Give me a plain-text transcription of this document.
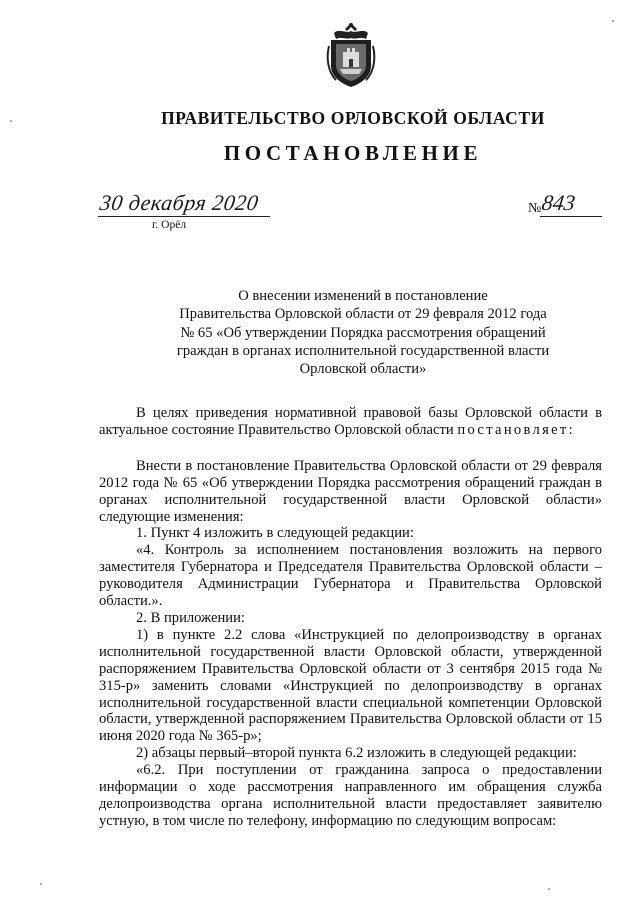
ПРАВИТЕЛЬСТВО ОРЛОВСКОЙ ОБЛАСТИ
ПОСТАНОВЛЕНИЕ
30 декабря 2020
г. Орёл
№
843
О внесении изменений в постановление
Правительства Орловской области от 29 февраля 2012 года
№ 65 «Об утверждении Порядка рассмотрения обращений
граждан в органах исполнительной государственной власти
Орловской области»

В целях приведения нормативной правовой базы Орловской области в актуальное состояние Правительство Орловской области постановляет:

Внести в постановление Правительства Орловской области от 29 февраля 2012 года № 65 «Об утверждении Порядка рассмотрения обращений граждан в органах исполнительной государственной власти Орловской области» следующие изменения:

1. Пункт 4 изложить в следующей редакции:

«4. Контроль за исполнением постановления возложить на первого заместителя Губернатора и Председателя Правительства Орловской области – руководителя Администрации Губернатора и Правительства Орловской области.».

2. В приложении:

1) в пункте 2.2 слова «Инструкцией по делопроизводству в органах исполнительной государственной власти Орловской области, утвержденной распоряжением Правительства Орловской области от 3 сентября 2015 года № 315-р» заменить словами «Инструкцией по делопроизводству в органах исполнительной государственной власти специальной компетенции Орловской области, утвержденной распоряжением Правительства Орловской области от 15 июня 2020 года № 365-р»;

2) абзацы первый–второй пункта 6.2 изложить в следующей редакции:

«6.2. При поступлении от гражданина запроса о предоставлении информации о ходе рассмотрения направленного им обращения служба делопроизводства органа исполнительной власти предоставляет заявителю устную, в том числе по телефону, информацию по следующим вопросам:
